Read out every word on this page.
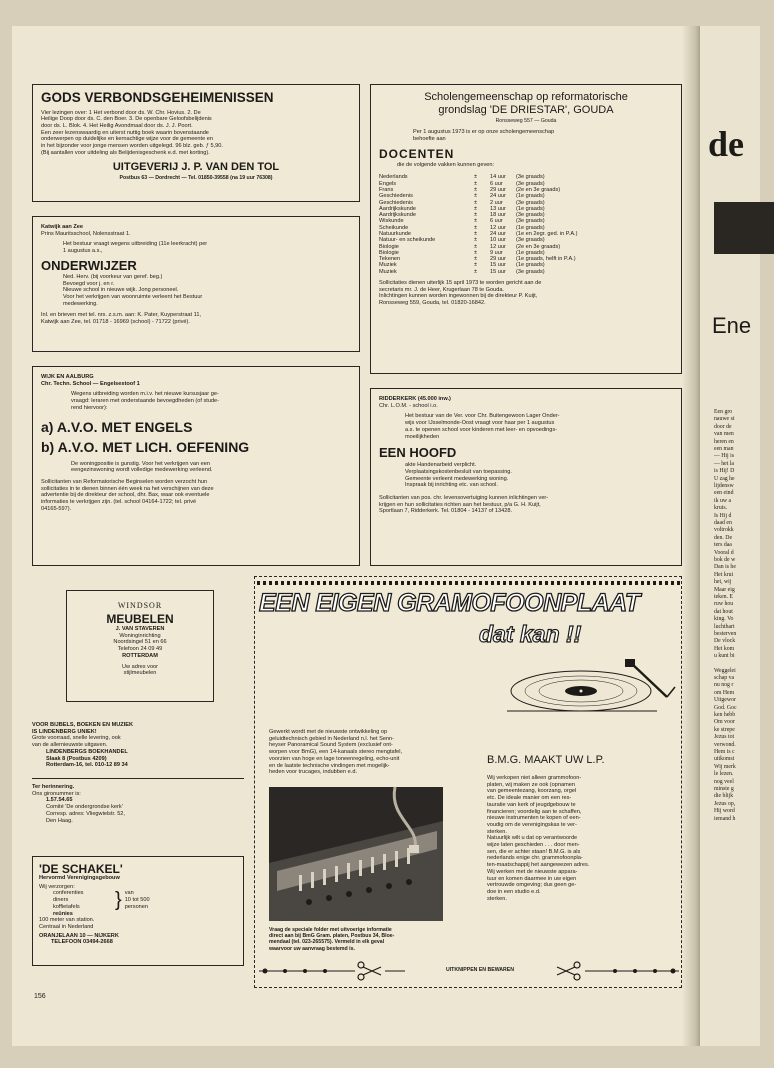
GODS VERBONDSGEHEIMENISSEN
Vier lezingen over: 1 Het verbond door ds. W. Chr. Hovius. 2. De
Heilige Doop door ds. C. den Boer. 3. De openbare Geloofsbelijdenis
door ds. L. Blok. 4. Het Heilig Avondmaal door ds. J. J. Poort.
Een zeer lezenswaardig en uiterst nuttig boek waarin bovenstaande
onderwerpen op duidelijke en kernachtige wijze voor de gemeente en
in het bijzonder voor jonge mensen worden uitgelegd. 96 blz. geb. ƒ 5,90.
(Bij aantallen voor uitdeling als Belijdenisgeschenk e.d. met korting).
UITGEVERIJ J. P. VAN DEN TOL
Postbus 63 — Dordrecht — Tel. 01850-39558 (na 19 uur 76308)
Katwijk aan Zee
Prins Mauritsschool, Nolensstraat 1.
Het bestuur vraagt wegens uitbreiding (11e leerkracht) per
1 augustus a.s.,
ONDERWIJZER
Ned. Herv. (bij voorkeur van geref. beg.)
Bevoegd voor j. en r.
Nieuwe school in nieuwe wijk. Jong personeel.
Voor het verkrijgen van woonruimte verleent het Bestuur
medewerking.
Inl. en brieven met tel. nrs. z.s.m. aan: K. Pater, Kuyperstraat 11,
Katwijk aan Zee, tel. 01718 - 16969 (school) - 71722 (privé).
WIJK EN AALBURG
Chr. Techn. School — Engelsestoof 1
Wegens uitbreiding worden m.i.v. het nieuwe kursusjaar ge-
vraagd: leraren met onderstaande bevoegdheden (of stude-
rend hiervoor):
a) A.V.O. MET ENGELS
b) A.V.O. MET LICH. OEFENING
De woningpositie is gunstig. Voor het verkrijgen van een
eengezinswoning wordt volledige medewerking verleend.
Sollicitanten van Reformatorische Beginselen worden verzocht hun
sollicitaties in te dienen binnen één week na het verschijnen van deze
advertentie bij de direkteur der school, dhr. Bax, waar ook eventuele
informaties te verkrijgen zijn. (tel. school 04164-1722; tel. privé
04165-597).
Scholengemeenschap op reformatorische
grondslag 'DE DRIESTAR', GOUDA
Ronsseweg 557 — Gouda
Per 1 augustus 1973 is er op onze scholengemeenschap
behoefte aan
DOCENTEN
die de volgende vakken kunnen geven:
Nederlands	±	14 uur	(3e graads)
Engels	±	6 uur	(3e graads)
Frans	±	29 uur	(2e en 3e graads)
Geschiedenis	±	24 uur	(1e graads)
Geschiedenis	±	2 uur	(3e graads)
Aardrijkskunde	±	13 uur	(1e graads)
Aardrijkskunde	±	18 uur	(3e graads)
Wiskunde	±	6 uur	(3e graads)
Scheikunde	±	12 uur	(1e graads)
Natuurkunde	±	24 uur	(1e en 2egr. ged. in P.A.)
Natuur- en scheikunde	±	10 uur	(3e graads)
Biologie	±	12 uur	(2e en 3e graads)
Biologie	±	9 uur	(1e graads)
Tekenen	±	29 uur	(1e graads, helft in P.A.)
Muziek	±	15 uur	(1e graads)
Muziek	±	15 uur	(3e graads)
Sollicitaties dienen uiterlijk 15 april 1973 te worden gericht aan de
secretaris mr. J. de Heer, Krugerlaan 78 te Gouda.
Inlichtingen kunnen worden ingewonnen bij de direkteur P. Kuijt,
Ronsseweg 559, Gouda, tel. 01820-16842.
RIDDERKERK (45.000 inw.)
Chr. L.O.M. - school i.o.
Het bestuur van de Ver. voor Chr. Buitengewoon Lager Onder-
wijs voor IJsselmonde-Oost vraagt voor haar per 1 augustus
a.s. te openen school voor kinderen met leer- en opvoedings-
moeilijkheden
EEN HOOFD
akte Handenarbeid verplicht.
Verplaatsingskostenbesluit van toepassing.
Gemeente verleent medewerking woning.
Inspraak bij inrichting etc. van school.
Sollicitanten van pos. chr. levensovertuiging kunnen inlichtingen ver-
krijgen en hun sollicitaties richten aan het bestuur, p/a G. H. Kuijt,
Sportlaan 7, Ridderkerk. Tel. 01804 - 14137 of 13428.
windsor
MEUBELEN
J. VAN STAVEREN
Woninginrichting
Noordsingel 51 en 66
Telefoon 24 09 49
ROTTERDAM
Uw adres voor
stijlmeubelen
VOOR BIJBELS, BOEKEN EN MUZIEK
IS LINDENBERG UNIEK!
Grote voorraad, snelle levering, ook
van de allernieuwste uitgaven.
LINDENBERGS BOEKHANDEL
Slaak 8 (Postbus 4209)
Rotterdam-16, tel. 010-12 89 34
Ter herinnering.
Ons gironummer is:
1.57.54.65
Comité 'De ondergrondse kerk'
Corresp. adres: Vliegwielstr. 52,
Den Haag.
'DE SCHAKEL'
Hervormd Verenigingsgebouw
Wij verzorgen:
conferenties
diners
koffietafels	} van
10 tot 500
personen
reünies
100 meter van station.
Centraal in Nederland
ORANJELAAN 10 — NIJKERK
TELEFOON 03494-2668
156
EEN EIGEN GRAMOFOONPLAAT
dat kan !!
Gewerkt wordt met de nieuwste ontwikkeling op
geluidtechnisch gebied in Nederland n.l. het Senn-
heyser Panoramical Sound System (exclusief ont-
worpen voor BmG), een 14-kanaals stereo mengtafel,
voorzien van hoge en lage toneenregeling, echo-unit
en de laatste technische vindingen met mogelijk-
heden voor trucages, indubben e.d.
Vraag de speciale folder met uitvoerige informatie
direct aan bij BmG Gram. platen, Postbus 34, Bloe-
mendaal (tel. 023-265575). Vermeld in elk geval
waarvoor uw aanvraag bestemd is.
B.M.G. MAAKT UW L.P.
Wij verkopen niet alleen grammofoon-
platen, wij maken ze ook (opnamen
van gemeentezang, koorzang, orgel
etc. De ideale manier om een res-
tauratie van kerk of jeugdgebouw te
financieren; voordelig aan te schaffen,
nieuwe instrumenten te kopen of een-
voudig om de verenigingskas te ver-
sterken.
Natuurlijk wilt u dat op verantwoorde
wijze laten geschieden . . . door men-
sen, die er achter staan! B.M.G. is als
nederlands enige chr. grammofoonpla-
ten-maatschappij het aangewezen adres.
Wij werken met de nieuwste appara-
tuur en komen daarmee in uw eigen
vertrouwde omgeving; dus geen ge-
doe in een studio e.d.
sterken.
UITKNIPPEN EN BEWAREN
de
Ene
Een gro
nauwe st
door de
van men
heren en
een man
— Hij is
— het la
is Hij! D
U zag he
lijdensw
een eind
ik uw a
kruis.
Is Hij d
daad en
voltrokk
den. De
ters daa
Vooral d
bok de w
Dan is he
Het krui
het, wij
Maar eig
teken. E
ruw hou
dat hout
king. Vo
luchthart
besterven
De vlock
Het kom
u kunt bi
Weggelei
schap va
nu nog r
om Hem
Uitgewor
God. Goc
ken hebb
Om voor
ke strepe
Jezus tot
verwond.
Hem is c
uitkomst
Wij merk
le lezen.
nog veel
minste g
die blijk
Jezus op,
Hij word
iemand h
